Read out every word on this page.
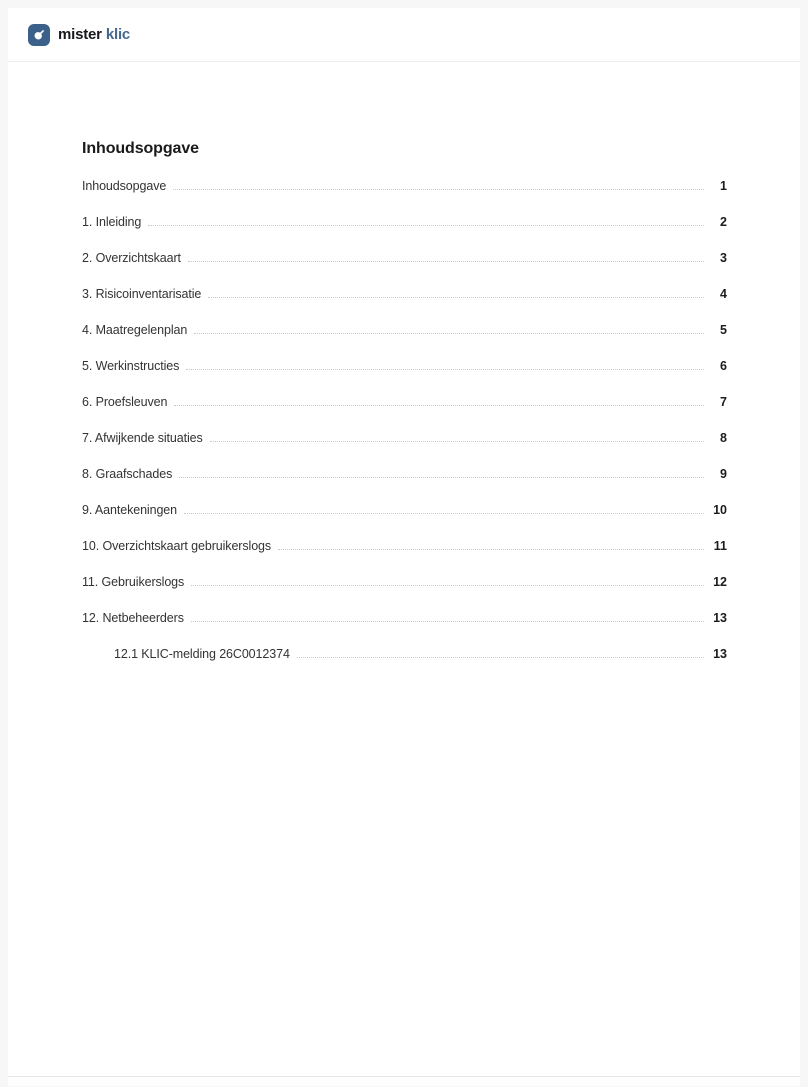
mister klic
Inhoudsopgave
Inhoudsopgave	1
1. Inleiding	2
2. Overzichtskaart	3
3. Risicoinventarisatie	4
4. Maatregelenplan	5
5. Werkinstructies	6
6. Proefsleuven	7
7. Afwijkende situaties	8
8. Graafschades	9
9. Aantekeningen	10
10. Overzichtskaart gebruikerslogs	11
11. Gebruikerslogs	12
12. Netbeheerders	13
12.1 KLIC-melding 26C0012374	13
